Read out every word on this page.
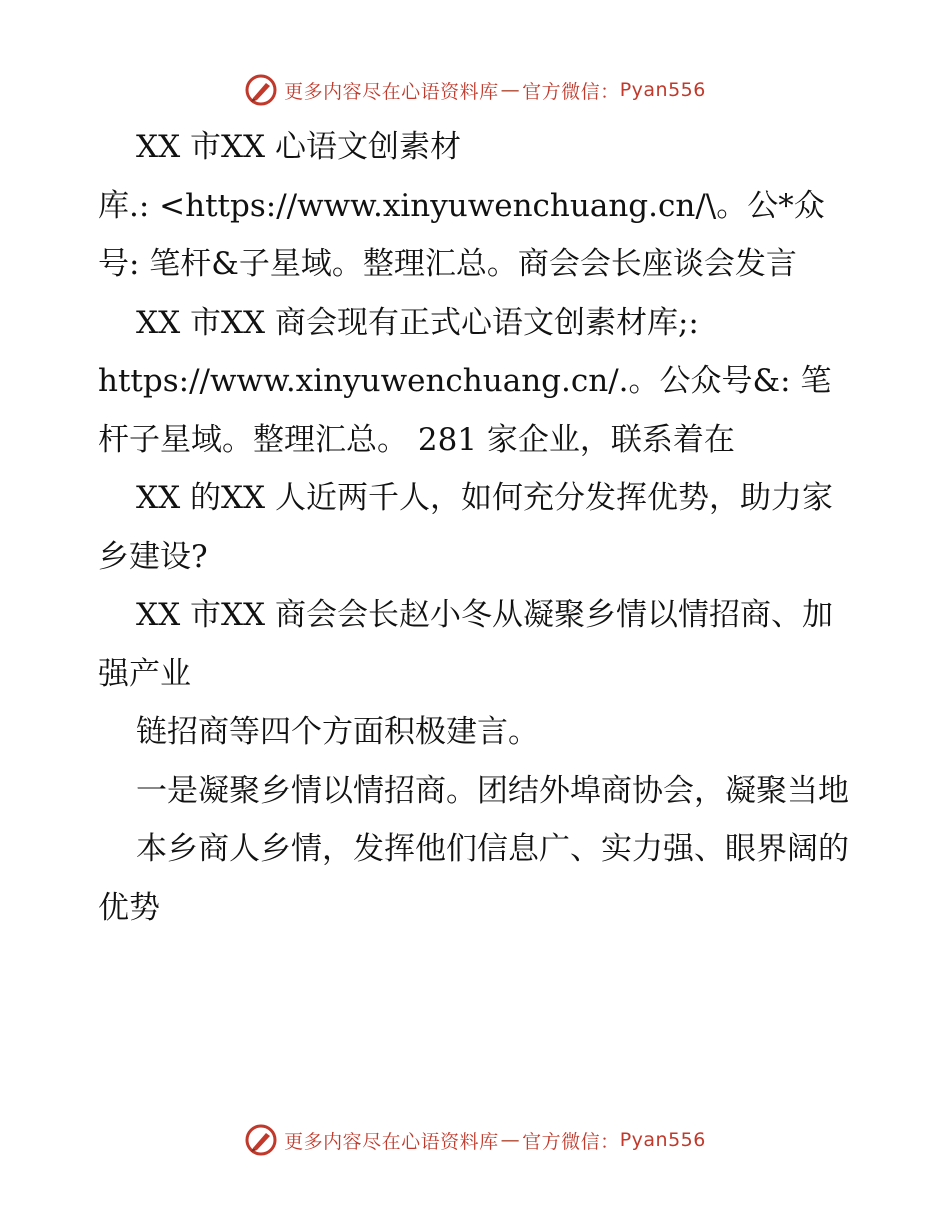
更多内容尽在心语资料库 — 官方微信： Pyan556

XX 市XX 心语文创素材

库.: <https://www.xinyuwenchuang.cn/\。公*众号: 笔杆&子星域。整理汇总。商会会长座谈会发言

XX 市XX 商会现有正式心语文创素材库;:

https://www.xinyuwenchuang.cn/.。公众号&: 笔杆子星域。整理汇总。 281 家企业，联系着在

XX 的XX 人近两千人，如何充分发挥优势，助力家乡建设?

XX 市XX 商会会长赵小冬从凝聚乡情以情招商、加强产业

链招商等四个方面积极建言。

一是凝聚乡情以情招商。团结外埠商协会，凝聚当地

本乡商人乡情，发挥他们信息广、实力强、眼界阔的优势

更多内容尽在心语资料库 — 官方微信： Pyan556
